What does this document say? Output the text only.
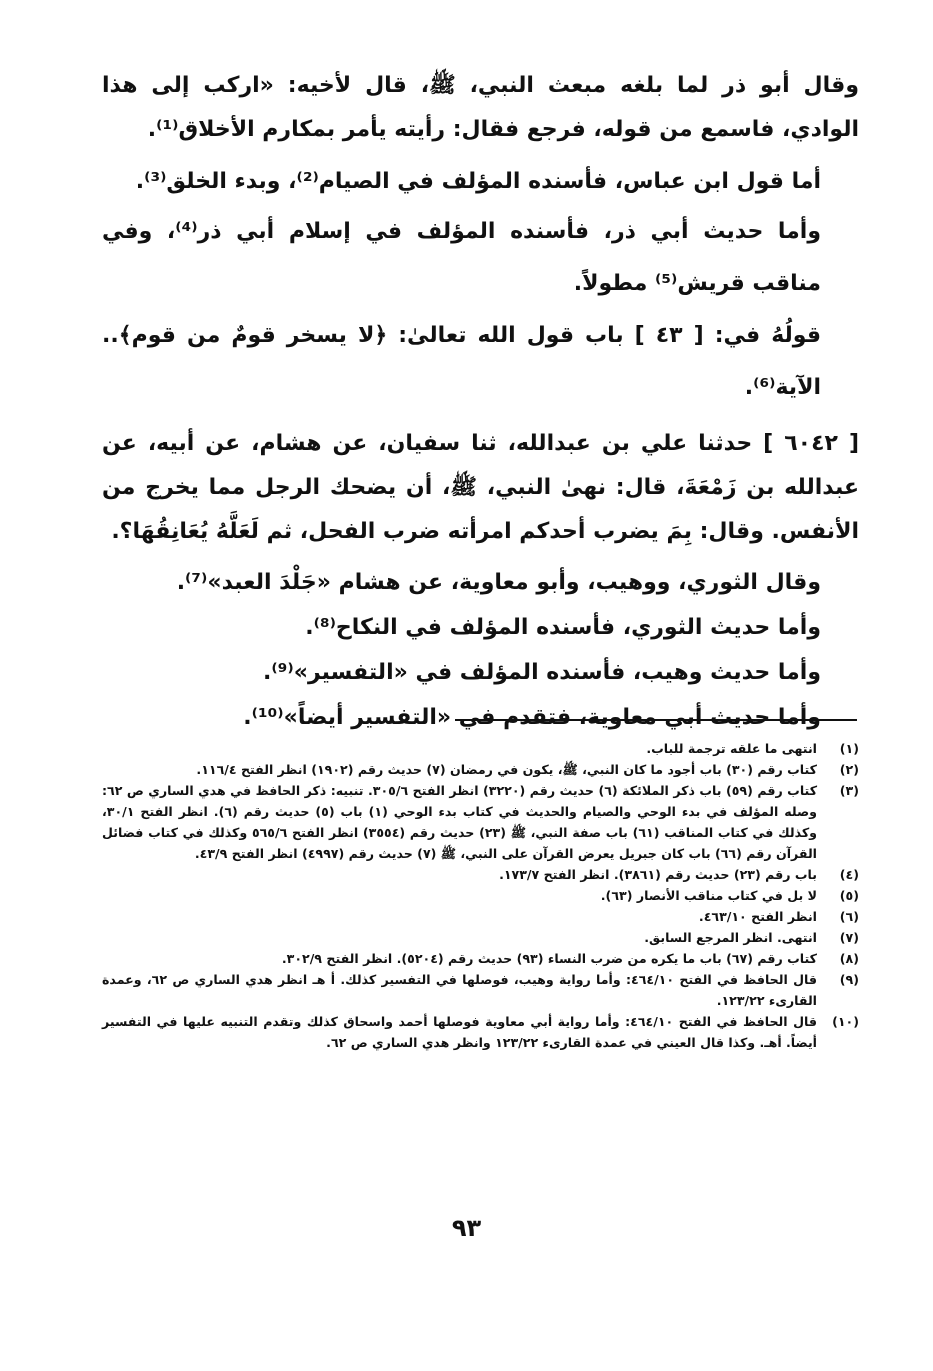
وقال أبو ذر لما بلغه مبعث النبي، ﷺ، قال لأخيه: «اركب إلى هذا الوادي، فاسمع من قوله، فرجع فقال: رأيته يأمر بمكارم الأخلاق⁽¹⁾.

أما قول ابن عباس، فأسنده المؤلف في الصيام⁽²⁾، وبدء الخلق⁽³⁾.

وأما حديث أبي ذر، فأسنده المؤلف في إسلام أبي ذر⁽⁴⁾، وفي مناقب قريش⁽⁵⁾ مطولاً.

قولُهُ في: [ ٤٣ ] باب قول الله تعالىٰ: ﴿لا يسخر قومٌ من قوم﴾.. الآية⁽⁶⁾.

[ ٦٠٤٢ ] حدثنا علي بن عبدالله، ثنا سفيان، عن هشام، عن أبيه، عن عبدالله بن زَمْعَةَ، قال: نهىٰ النبي، ﷺ، أن يضحك الرجل مما يخرج من الأنفس. وقال: بِمَ يضرب أحدكم امرأته ضرب الفحل، ثم لَعَلَّهُ يُعَانِقُهَا؟.

وقال الثوري، ووهيب، وأبو معاوية، عن هشام «جَلْدَ العبد»⁽⁷⁾.

وأما حديث الثوري، فأسنده المؤلف في النكاح⁽⁸⁾.

وأما حديث وهيب، فأسنده المؤلف في «التفسير»⁽⁹⁾.

وأما حديث أبي معاوية، فتقدم في «التفسير أيضاً»⁽¹⁰⁾.

(١)
انتهى ما علقه ترجمة للباب.
(٢)
كتاب رقم (٣٠) باب أجود ما كان النبي، ﷺ، يكون في رمضان (٧) حديث رقم (١٩٠٢) انظر الفتح ١١٦/٤.
(٣)
كتاب رقم (٥٩) باب ذكر الملائكة (٦) حديث رقم (٣٢٢٠) انظر الفتح ٣٠٥/٦. تنبيه: ذكر الحافظ في هدي الساري ص ٦٢: وصله المؤلف في بدء الوحي والصيام والحديث في كتاب بدء الوحي (١) باب (٥) حديث رقم (٦). انظر الفتح ٣٠/١، وكذلك في كتاب المناقب (٦١) باب صفة النبي، ﷺ (٢٣) حديث رقم (٣٥٥٤) انظر الفتح ٥٦٥/٦ وكذلك في كتاب فضائل القرآن رقم (٦٦) باب كان جبريل يعرض القرآن على النبي، ﷺ (٧) حديث رقم (٤٩٩٧) انظر الفتح ٤٣/٩.
(٤)
باب رقم (٢٣) حديث رقم (٣٨٦١). انظر الفتح ١٧٣/٧.
(٥)
لا بل في كتاب مناقب الأنصار (٦٣).
(٦)
انظر الفتح ٤٦٣/١٠.
(٧)
انتهى. انظر المرجع السابق.
(٨)
كتاب رقم (٦٧) باب ما يكره من ضرب النساء (٩٣) حديث رقم (٥٢٠٤). انظر الفتح ٣٠٢/٩.
(٩)
قال الحافظ في الفتح ٤٦٤/١٠: وأما رواية وهيب، فوصلها في التفسير كذلك. أ هـ انظر هدي الساري ص ٦٢، وعمدة القارىء ١٢٣/٢٢.
(١٠)
قال الحافظ في الفتح ٤٦٤/١٠: وأما رواية أبي معاوية فوصلها أحمد واسحاق كذلك وتقدم التنبيه عليها في التفسير أيضاً. أهـ. وكذا قال العيني في عمدة القارىء ١٢٣/٢٢ وانظر هدي الساري ص ٦٢.
٩٣
